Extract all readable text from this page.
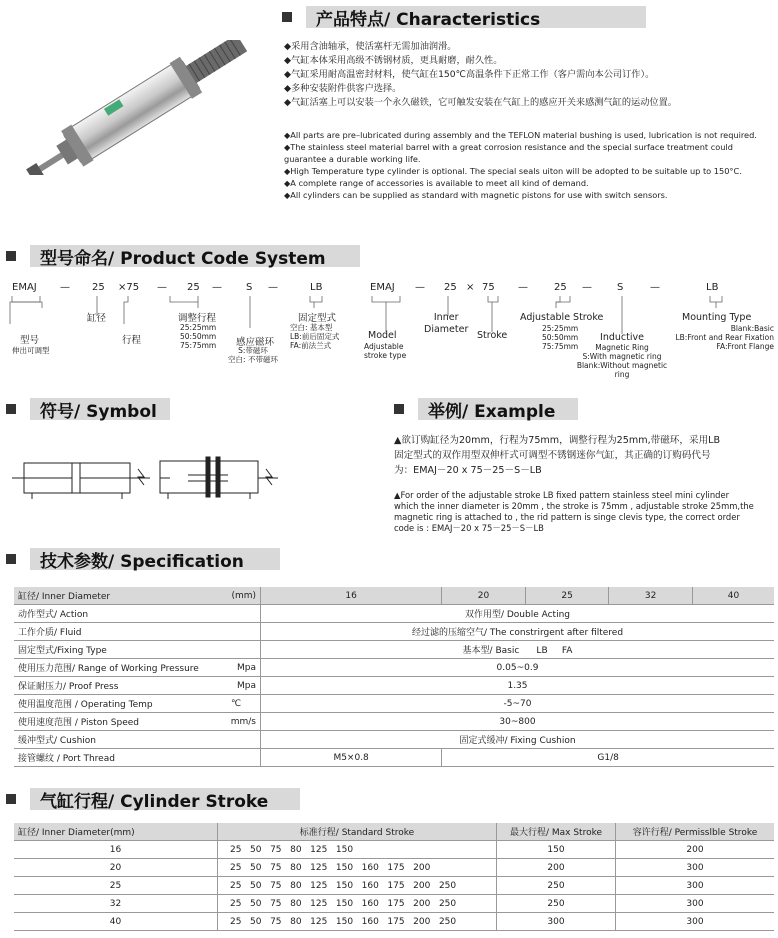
产品特点/ Characteristics
◆采用含油轴承，使活塞杆无需加油润滑。
◆气缸本体采用高级不锈钢材质，更具耐磨，耐久性。
◆气缸采用耐高温密封材料，使气缸在150℃高温条件下正常工作（客户需向本公司订作）。
◆多种安装附件供客户选择。
◆气缸活塞上可以安装一个永久磁铁，它可触发安装在气缸上的感应开关来感测气缸的运动位置。
◆All parts are pre–lubricated during assembly and the TEFLON material bushing is used, lubrication is not required.
◆The stainless steel material barrel with a great corrosion resistance and the special surface treatment could
guarantee a durable working life.
◆High Temperature type cylinder is optional. The special seals uiton will be adopted to be suitable up to 150°C.
◆A complete range of accessories is available to meet all kind of demand.
◆All cylinders can be supplied as standard with magnetic pistons for use with switch sensors.
型号命名/ Product Code System
EMAJ — 25 ×75 — 25 — S —	LB
型号
伸出可调型
缸径
行程
调整行程
25:25mm
50:50mm
75:75mm 感应磁环
S:带磁环
空白: 不带磁环
固定型式
空白: 基本型
LB:前后固定式
FA:前法兰式
EMAJ — 25 × 75 —	25 —	S	—	LB
Model
Adjustable
stroke type
Inner
Diameter
Stroke
Adjustable Stroke
25:25mm
50:50mm
75:75mm
Inductive
Magnetic Ring
S:With magnetic ring
Blank:Without magnetic ring
Mounting Type
Blank:Basic
LB:Front and Rear Fixation
FA:Front Flange
符号/ Symbol	举例/ Example
▲欲订购缸径为20mm，行程为75mm，调整行程为25mm,带磁环，采用LB
固定型式的双作用型双伸杆式可调型不锈钢迷你气缸，其正确的订购码代号
为：EMAJ－20 x 75－25－S－LB
▲For order of the adjustable stroke LB fixed pattern stainless steel mini cylinder
which the inner diameter is 20mm , the stroke is 75mm , adjustable stroke 25mm,the
magnetic ring is attached to , the rid pattern is singe clevis type, the correct order
code is : EMAJ－20 x 75－25－S－LB
技术参数/ Specification
缸径/ Inner Diameter	(mm)	16	20	25	32	40
动作型式/ Action		双作用型/ Double Acting				
工作介质/ Fluid		经过滤的压缩空气/ The constrirgent after filtered				
固定型式/Fixing Type		基本型/ Basic      LB     FA				
使用压力范围/ Range of Working Pressure	Mpa	0.05~0.9				
保证耐压力/ Proof Press	Mpa	1.35				
使用温度范围 / Operating Temp	℃	-5~70				
使用速度范围 / Piston Speed	mm/s	30~800				
缓冲型式/ Cushion		固定式缓冲/ Fixing Cushion				
接管螺纹 / Port Thread		M5×0.8	G1/8			
气缸行程/ Cylinder Stroke
缸径/ Inner Diameter(mm)	标准行程/ Standard Stroke	最大行程/ Max Stroke	容许行程/ Permisslble Stroke
16	25   50   75   80   125   150	150	200
20	25   50   75   80   125   150   160   175   200	200	300
25	25   50   75   80   125   150   160   175   200   250	250	300
32	25   50   75   80   125   150   160   175   200   250	250	300
40	25   50   75   80   125   150   160   175   200   250	300	300
